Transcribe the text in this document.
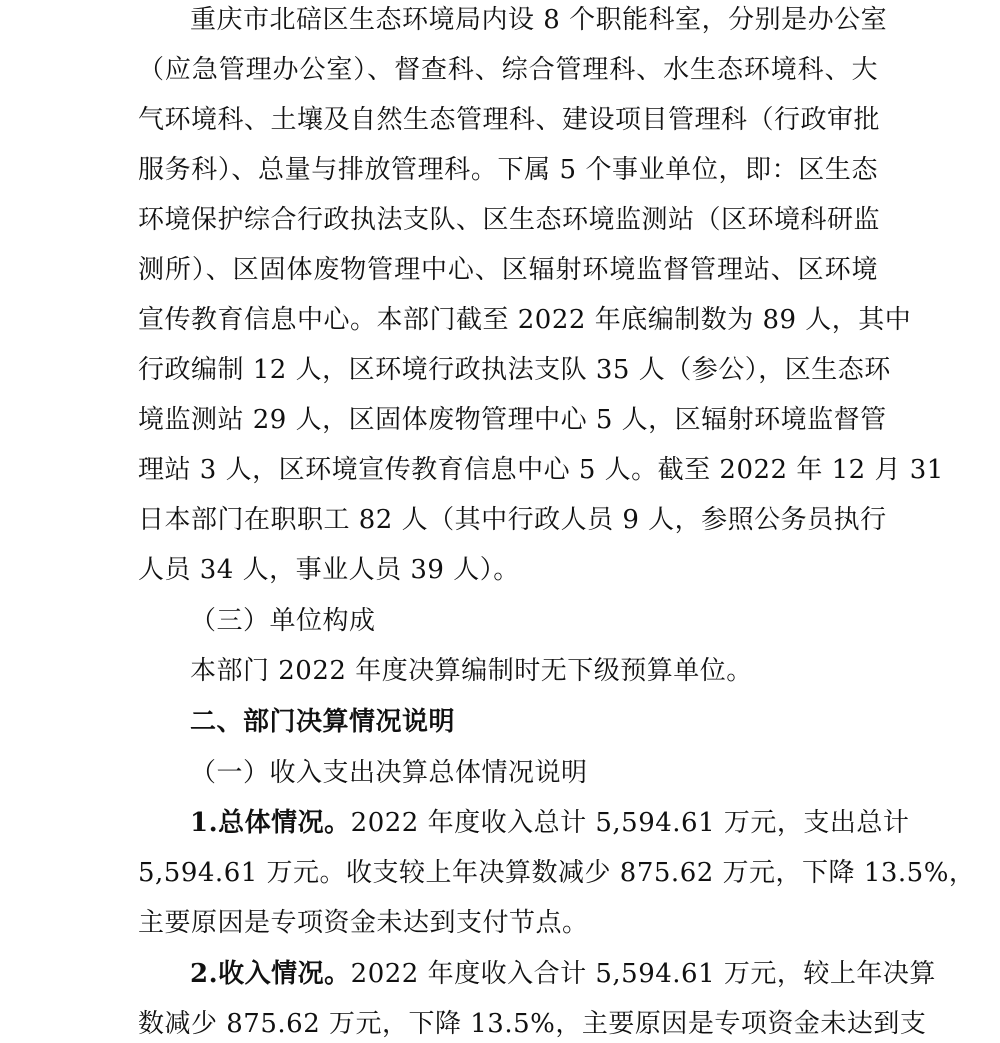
重庆市北碚区生态环境局内设 8 个职能科室，分别是办公室
（应急管理办公室）、督查科、综合管理科、水生态环境科、大
气环境科、土壤及自然生态管理科、建设项目管理科（行政审批
服务科）、总量与排放管理科。下属 5 个事业单位，即：区生态
环境保护综合行政执法支队、区生态环境监测站（区环境科研监
测所）、区固体废物管理中心、区辐射环境监督管理站、区环境
宣传教育信息中心。本部门截至 2022 年底编制数为 89 人，其中
行政编制 12 人，区环境行政执法支队 35 人（参公），区生态环
境监测站 29 人，区固体废物管理中心 5 人，区辐射环境监督管
理站 3 人，区环境宣传教育信息中心 5 人。截至 2022 年 12 月 31
日本部门在职职工 82 人（其中行政人员 9 人，参照公务员执行
人员 34 人，事业人员 39 人）。
（三）单位构成
本部门 2022 年度决算编制时无下级预算单位。
二、部门决算情况说明
（一）收入支出决算总体情况说明
1.总体情况。2022 年度收入总计 5,594.61 万元，支出总计
5,594.61 万元。收支较上年决算数减少 875.62 万元，下降 13.5%，
主要原因是专项资金未达到支付节点。
2.收入情况。2022 年度收入合计 5,594.61 万元，较上年决算
数减少 875.62 万元，下降 13.5%，主要原因是专项资金未达到支
